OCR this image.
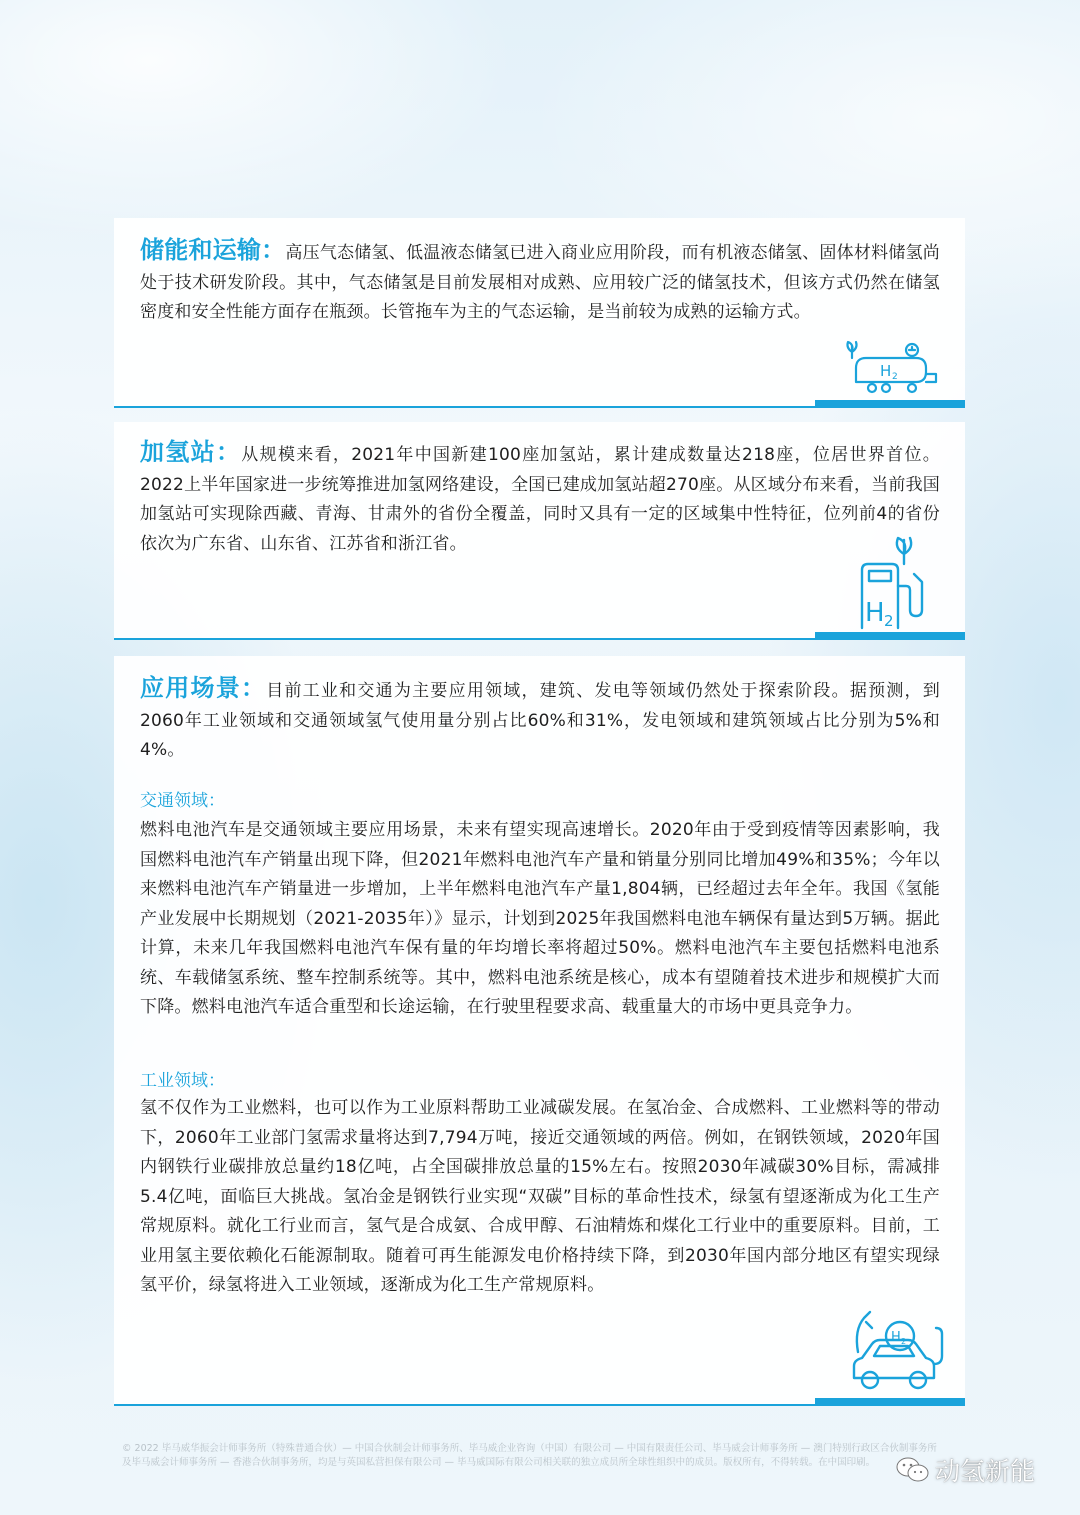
储能和运输：高压气态储氢、低温液态储氢已进入商业应用阶段，而有机液态储氢、固体材料储氢尚处于技术研发阶段。其中，气态储氢是目前发展相对成熟、应用较广泛的储氢技术，但该方式仍然在储氢密度和安全性能方面存在瓶颈。长管拖车为主的气态运输，是当前较为成熟的运输方式。

H 2

加氢站：从规模来看，2021年中国新建100座加氢站，累计建成数量达218座，位居世界首位。2022上半年国家进一步统筹推进加氢网络建设，全国已建成加氢站超270座。从区域分布来看，当前我国加氢站可实现除西藏、青海、甘肃外的省份全覆盖，同时又具有一定的区域集中性特征，位列前4的省份依次为广东省、山东省、江苏省和浙江省。

H 2

应用场景：目前工业和交通为主要应用领域，建筑、发电等领域仍然处于探索阶段。据预测，到2060年工业领域和交通领域氢气使用量分别占比60%和31%，发电领域和建筑领域占比分别为5%和4%。

交通领域：

燃料电池汽车是交通领域主要应用场景，未来有望实现高速增长。2020年由于受到疫情等因素影响，我国燃料电池汽车产销量出现下降，但2021年燃料电池汽车产量和销量分别同比增加49%和35%；今年以来燃料电池汽车产销量进一步增加，上半年燃料电池汽车产量1,804辆，已经超过去年全年。我国《氢能产业发展中长期规划（2021-2035年）》显示，计划到2025年我国燃料电池车辆保有量达到5万辆。据此计算，未来几年我国燃料电池汽车保有量的年均增长率将超过50%。燃料电池汽车主要包括燃料电池系统、车载储氢系统、整车控制系统等。其中，燃料电池系统是核心，成本有望随着技术进步和规模扩大而下降。燃料电池汽车适合重型和长途运输，在行驶里程要求高、载重量大的市场中更具竞争力。

工业领域：

氢不仅作为工业燃料，也可以作为工业原料帮助工业减碳发展。在氢冶金、合成燃料、工业燃料等的带动下，2060年工业部门氢需求量将达到7,794万吨，接近交通领域的两倍。例如，在钢铁领域，2020年国内钢铁行业碳排放总量约18亿吨，占全国碳排放总量的15%左右。按照2030年减碳30%目标，需减排5.4亿吨，面临巨大挑战。氢冶金是钢铁行业实现“双碳”目标的革命性技术，绿氢有望逐渐成为化工生产常规原料。就化工行业而言，氢气是合成氨、合成甲醇、石油精炼和煤化工行业中的重要原料。目前，工业用氢主要依赖化石能源制取。随着可再生能源发电价格持续下降，到2030年国内部分地区有望实现绿氢平价，绿氢将进入工业领域，逐渐成为化工生产常规原料。

H 2
© 2022 毕马威华振会计师事务所（特殊普通合伙）— 中国合伙制会计师事务所、毕马威企业咨询（中国）有限公司 — 中国有限责任公司、毕马威会计师事务所 — 澳门特别行政区合伙制事务所
及毕马威会计师事务所 — 香港合伙制事务所，均是与英国私营担保有限公司 — 毕马威国际有限公司相关联的独立成员所全球性组织中的成员。版权所有，不得转载。在中国印刷。	动氢新能
